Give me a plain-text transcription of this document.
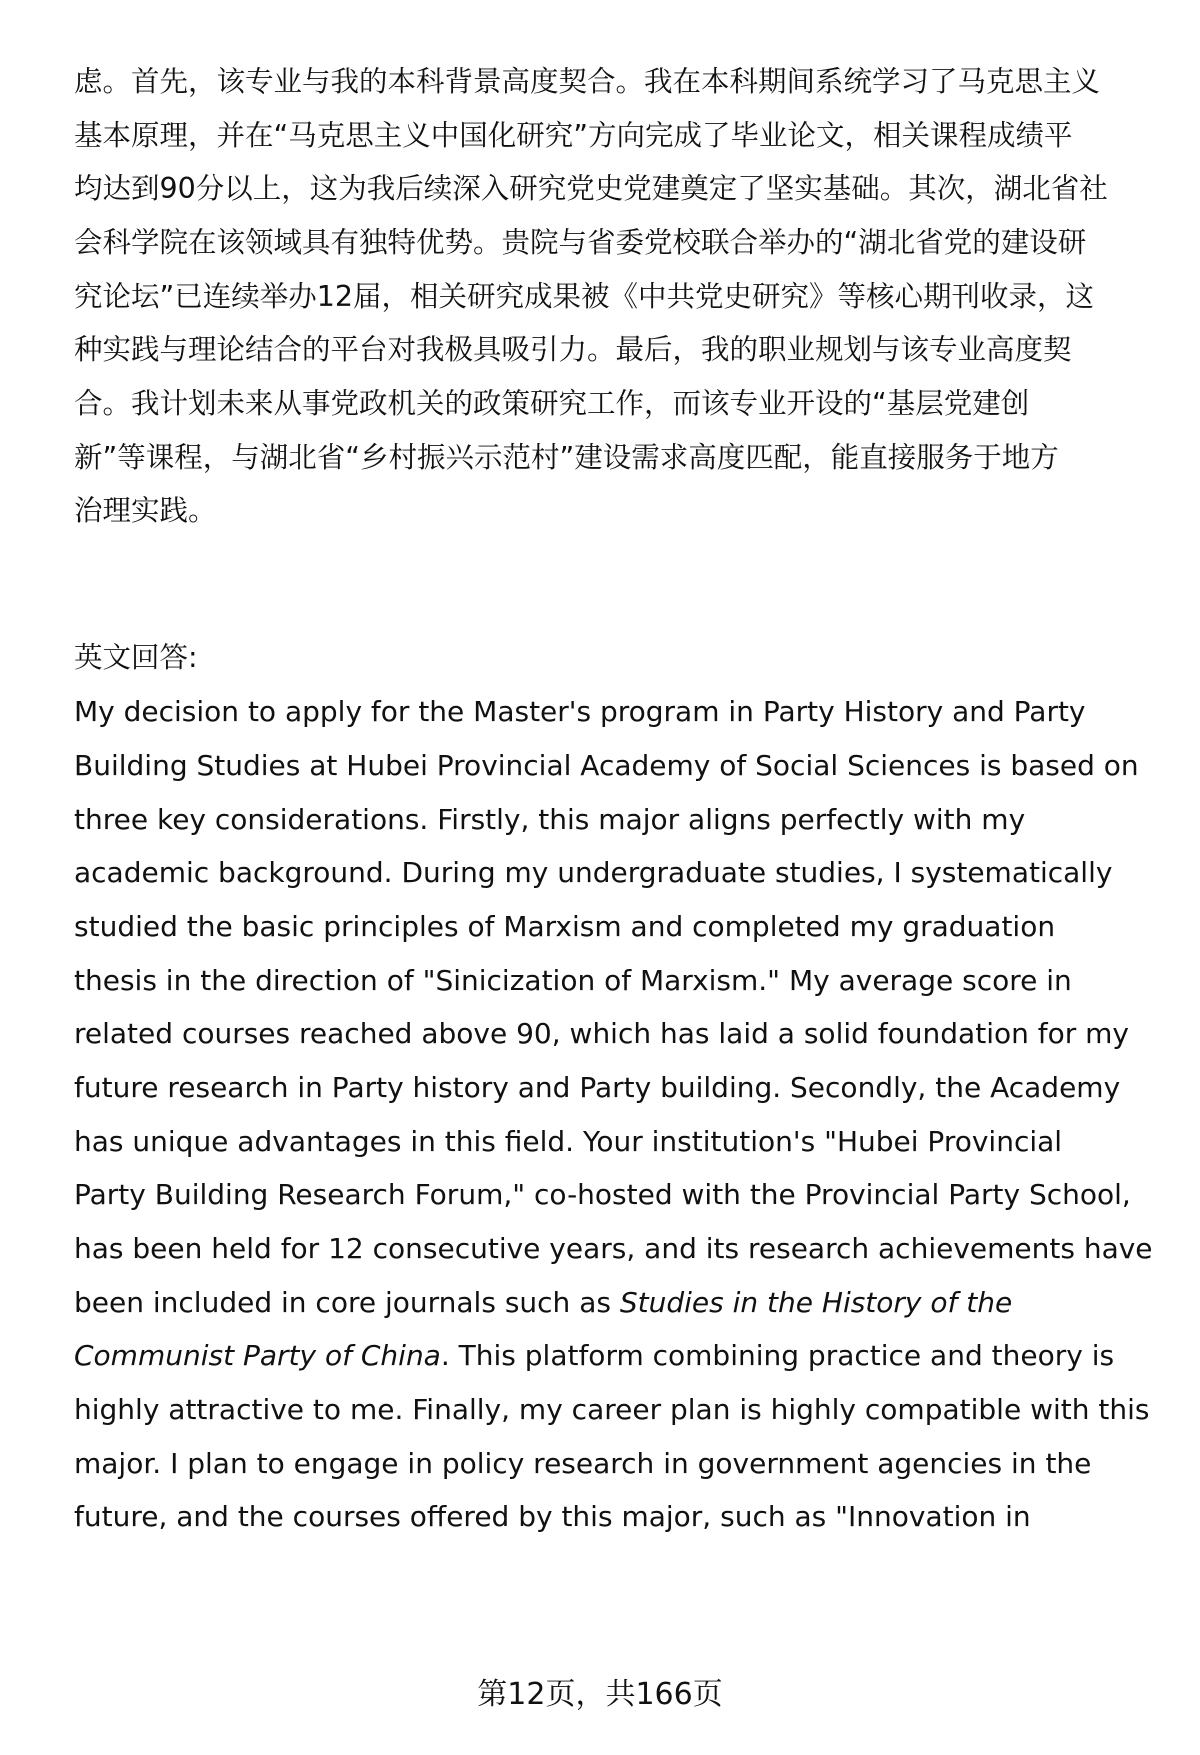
虑。首先，该专业与我的本科背景高度契合。我在本科期间系统学习了马克思主义
基本原理，并在“马克思主义中国化研究”方向完成了毕业论文，相关课程成绩平
均达到90分以上，这为我后续深入研究党史党建奠定了坚实基础。其次，湖北省社
会科学院在该领域具有独特优势。贵院与省委党校联合举办的“湖北省党的建设研
究论坛”已连续举办12届，相关研究成果被《中共党史研究》等核心期刊收录，这
种实践与理论结合的平台对我极具吸引力。最后，我的职业规划与该专业高度契
合。我计划未来从事党政机关的政策研究工作，而该专业开设的“基层党建创
新”等课程，与湖北省“乡村振兴示范村”建设需求高度匹配，能直接服务于地方
治理实践。
英文回答:
My decision to apply for the Master's program in Party History and Party
Building Studies at Hubei Provincial Academy of Social Sciences is based on
three key considerations. Firstly, this major aligns perfectly with my
academic background. During my undergraduate studies, I systematically
studied the basic principles of Marxism and completed my graduation
thesis in the direction of "Sinicization of Marxism." My average score in
related courses reached above 90, which has laid a solid foundation for my
future research in Party history and Party building. Secondly, the Academy
has unique advantages in this field. Your institution's "Hubei Provincial
Party Building Research Forum," co-hosted with the Provincial Party School,
has been held for 12 consecutive years, and its research achievements have
been included in core journals such as Studies in the History of the
Communist Party of China. This platform combining practice and theory is
highly attractive to me. Finally, my career plan is highly compatible with this
major. I plan to engage in policy research in government agencies in the
future, and the courses offered by this major, such as "Innovation in
第12页，共166页
